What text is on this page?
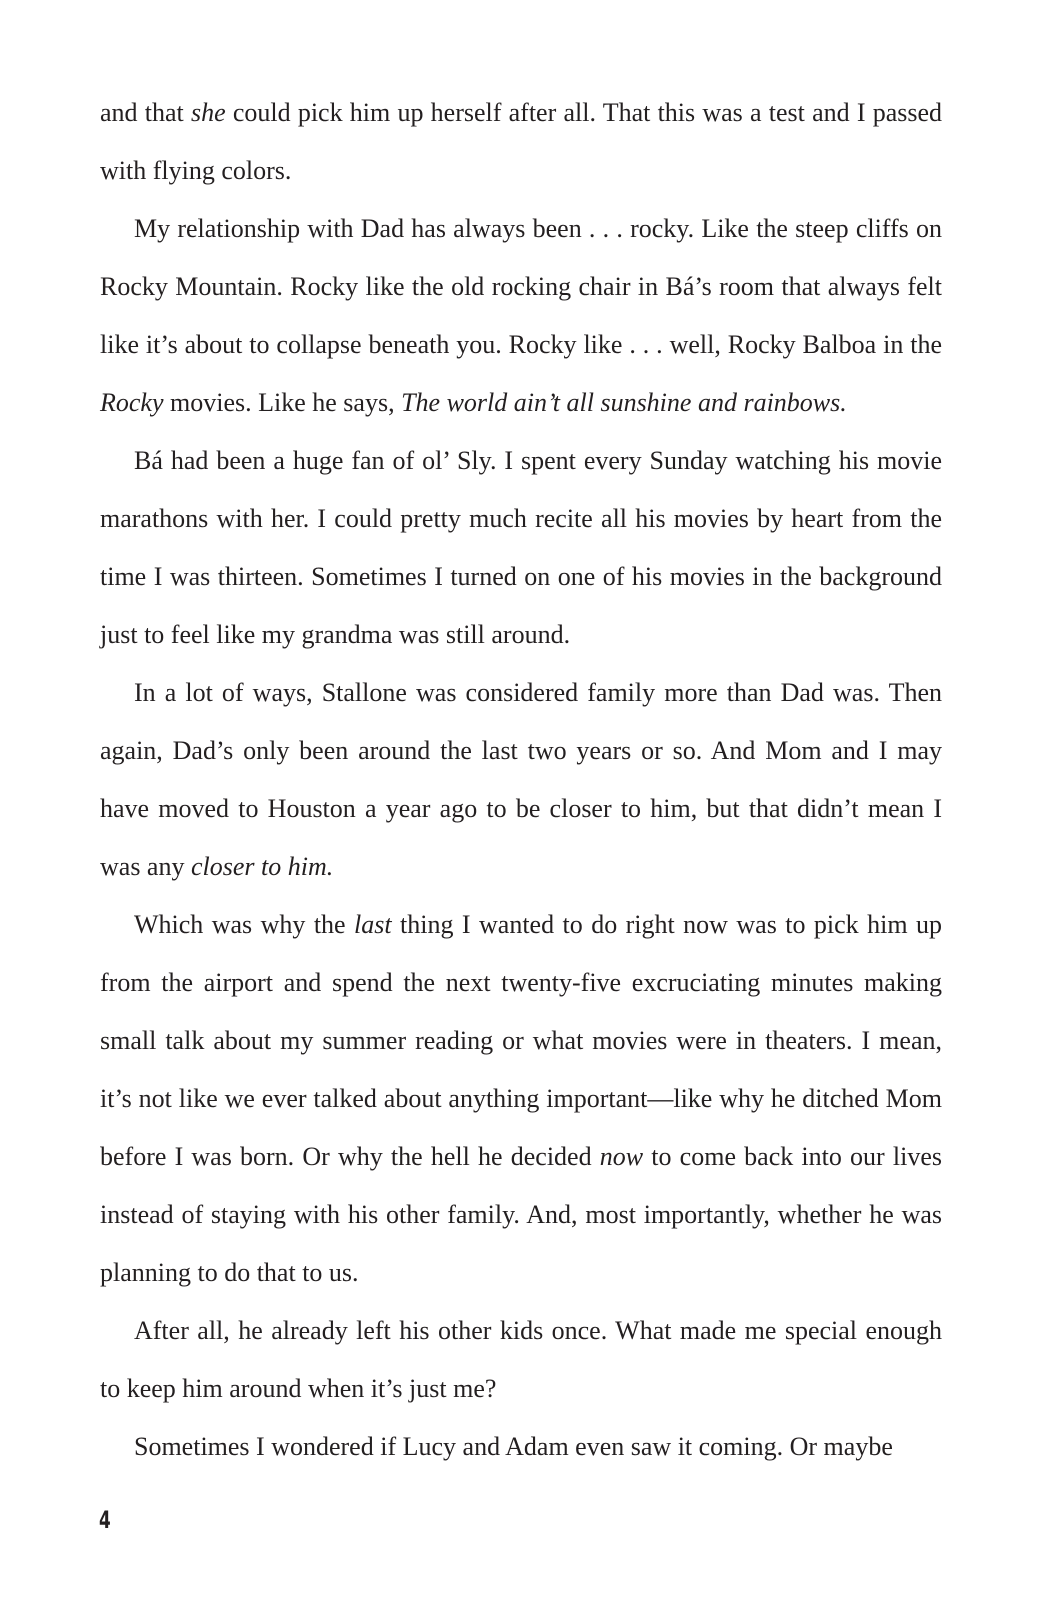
and that she could pick him up herself after all. That this was a test and I passed with flying colors.

My relationship with Dad has always been . . . rocky. Like the steep cliffs on Rocky Mountain. Rocky like the old rocking chair in Bá’s room that always felt like it’s about to collapse beneath you. Rocky like . . . well, Rocky Balboa in the Rocky movies. Like he says, The world ain’t all sunshine and rainbows.

Bá had been a huge fan of ol’ Sly. I spent every Sunday watching his movie marathons with her. I could pretty much recite all his movies by heart from the time I was thirteen. Sometimes I turned on one of his movies in the background just to feel like my grandma was still around.

In a lot of ways, Stallone was considered family more than Dad was. Then again, Dad’s only been around the last two years or so. And Mom and I may have moved to Houston a year ago to be closer to him, but that didn’t mean I was any closer to him.

Which was why the last thing I wanted to do right now was to pick him up from the airport and spend the next twenty-five excruciating minutes making small talk about my summer reading or what movies were in theaters. I mean, it’s not like we ever talked about anything important—like why he ditched Mom before I was born. Or why the hell he decided now to come back into our lives instead of staying with his other family. And, most importantly, whether he was planning to do that to us.

After all, he already left his other kids once. What made me special enough to keep him around when it’s just me?

Sometimes I wondered if Lucy and Adam even saw it coming. Or maybe

4
